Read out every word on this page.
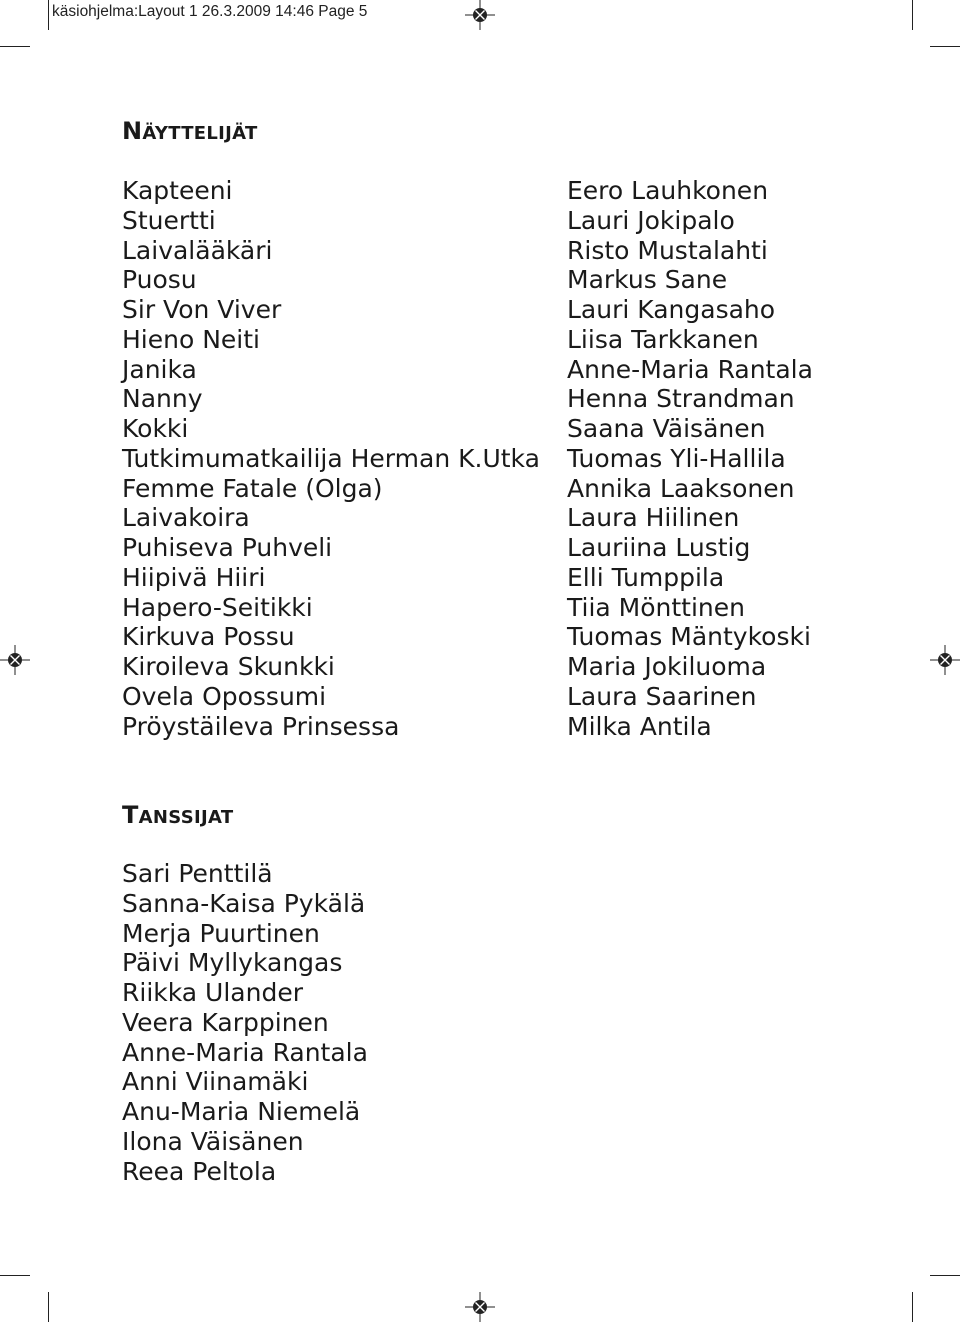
käsiohjelma:Layout 1 26.3.2009 14:46 Page 5
NÄYTTELIJÄT
Kapteeni
Stuertti
Laivalääkäri
Puosu
Sir Von Viver
Hieno Neiti
Janika
Nanny
Kokki
Tutkimumatkailija Herman K.Utka
Femme Fatale (Olga)
Laivakoira
Puhiseva Puhveli
Hiipivä Hiiri
Hapero-Seitikki
Kirkuva Possu
Kiroileva Skunkki
Ovela Opossumi
Pröystäileva Prinsessa
Eero Lauhkonen
Lauri Jokipalo
Risto Mustalahti
Markus Sane
Lauri Kangasaho
Liisa Tarkkanen
Anne-Maria Rantala
Henna Strandman
Saana Väisänen
Tuomas Yli-Hallila
Annika Laaksonen
Laura Hiilinen
Lauriina Lustig
Elli Tumppila
Tiia Mönttinen
Tuomas Mäntykoski
Maria Jokiluoma
Laura Saarinen
Milka Antila
TANSSIJAT
Sari Penttilä
Sanna-Kaisa Pykälä
Merja Puurtinen
Päivi Myllykangas
Riikka Ulander
Veera Karppinen
Anne-Maria Rantala
Anni Viinamäki
Anu-Maria Niemelä
Ilona Väisänen
Reea Peltola
